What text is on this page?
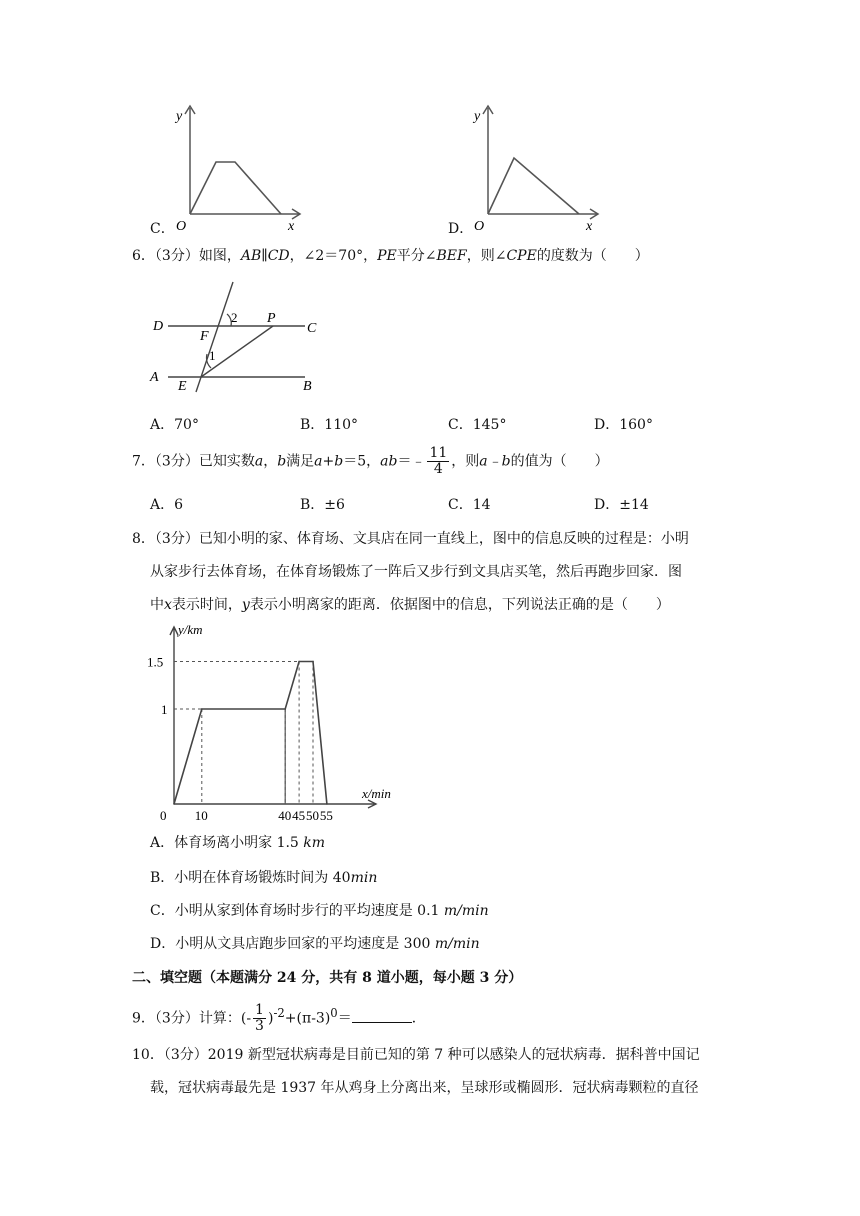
C．
y
x
O	D．
y
x
O
6．（3分）如图，AB∥CD，∠2＝70°，PE平分∠BEF，则∠CPE的度数为（　　）
D
F
2 P
C
1
A
E	B
A．70°	B．110°	C．145°	D．160°
7．（3分）已知实数a，b满足a+b＝5，ab＝﹣ $\frac{11}{4}$ ，则a﹣b的值为（　　）
A．6	B．±6	C．14	D．±14
8．（3分）已知小明的家、体育场、文具店在同一直线上，图中的信息反映的过程是：小明
从家步行去体育场，在体育场锻炼了一阵后又步行到文具店买笔，然后再跑步回家．图
中x表示时间，y表示小明离家的距离．依据图中的信息，下列说法正确的是（　　）
0 10	40 45 50 55
1
1.5
y/km
x/min
A．体育场离小明家 1.5 km
B．小明在体育场锻炼时间为 40min
C．小明从家到体育场时步行的平均速度是 0.1 m/min
D．小明从文具店跑步回家的平均速度是 300 m/min
二、填空题（本题满分 24 分，共有 8 道小题，每小题 3 分）
9．（3分）计算：(- $\frac{1}{3} )^{-2}+(\pi-3)^0=$	．
10．（3分）2019 新型冠状病毒是目前已知的第 7 种可以感染人的冠状病毒．据科普中国记
载，冠状病毒最先是 1937 年从鸡身上分离出来，呈球形或椭圆形．冠状病毒颗粒的直径
